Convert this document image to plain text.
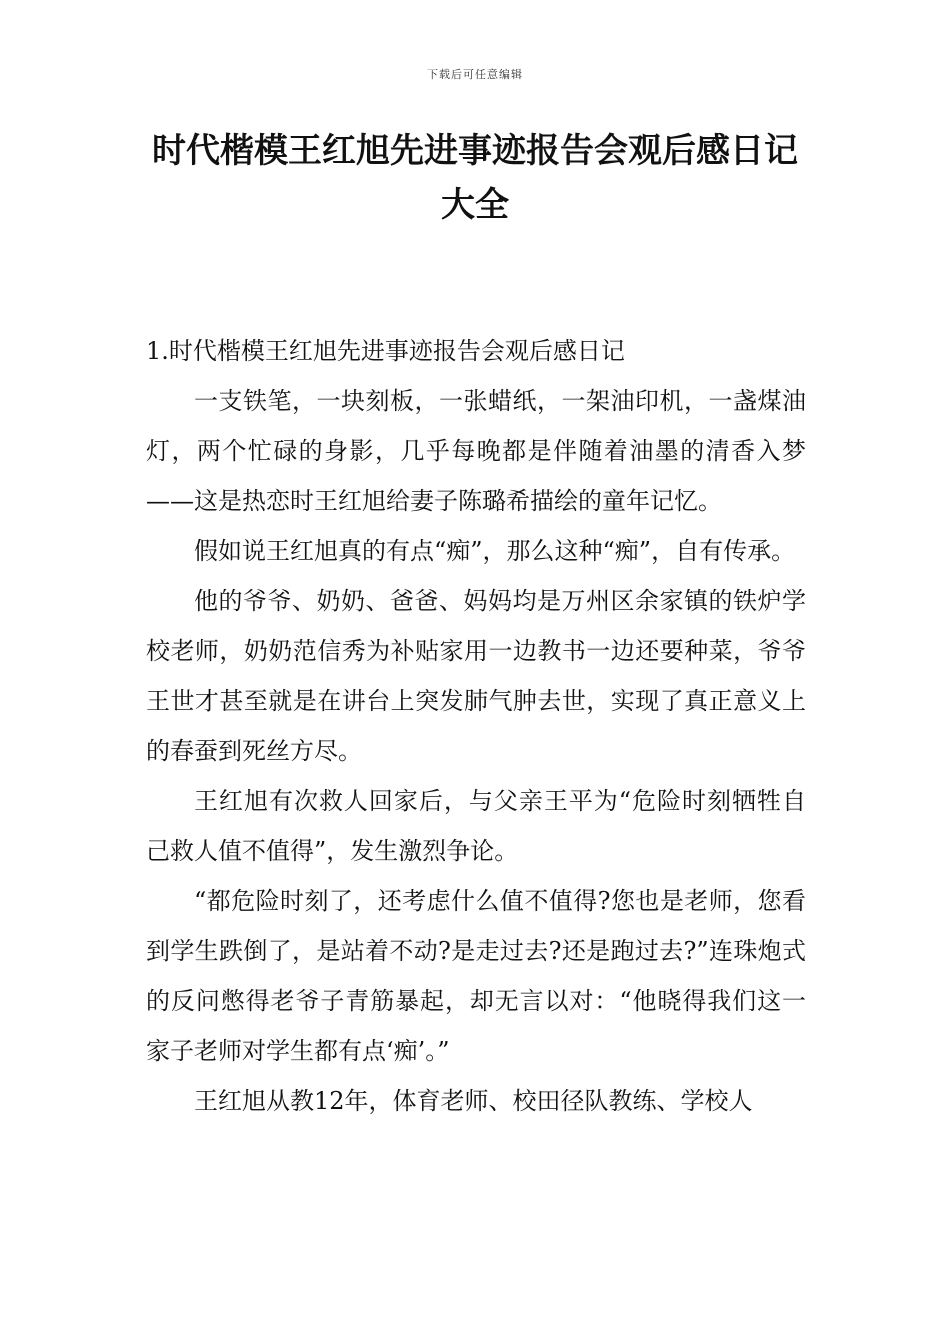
下载后可任意编辑
时代楷模王红旭先进事迹报告会观后感日记大全

1.时代楷模王红旭先进事迹报告会观后感日记

一支铁笔，一块刻板，一张蜡纸，一架油印机，一盏煤油灯，两个忙碌的身影，几乎每晚都是伴随着油墨的清香入梦——这是热恋时王红旭给妻子陈璐希描绘的童年记忆。

假如说王红旭真的有点“痴”，那么这种“痴”，自有传承。

他的爷爷、奶奶、爸爸、妈妈均是万州区余家镇的铁炉学校老师，奶奶范信秀为补贴家用一边教书一边还要种菜，爷爷王世才甚至就是在讲台上突发肺气肿去世，实现了真正意义上的春蚕到死丝方尽。

王红旭有次救人回家后，与父亲王平为“危险时刻牺牲自己救人值不值得”，发生激烈争论。

“都危险时刻了，还考虑什么值不值得?您也是老师，您看到学生跌倒了，是站着不动?是走过去?还是跑过去?”连珠炮式的反问憋得老爷子青筋暴起，却无言以对：“他晓得我们这一家子老师对学生都有点‘痴’。”

王红旭从教12年，体育老师、校田径队教练、学校人
